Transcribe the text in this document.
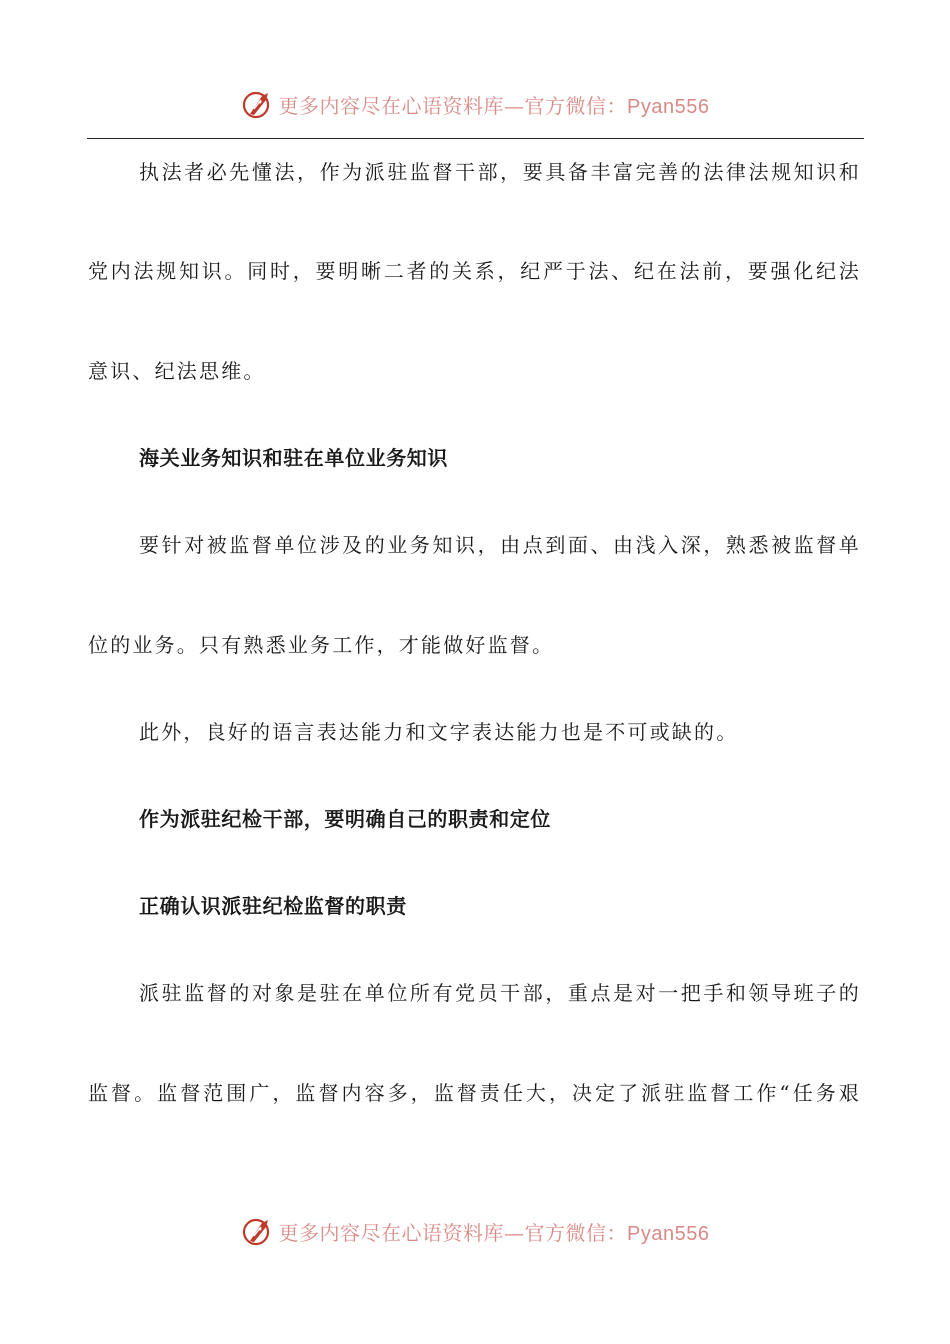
更多内容尽在心语资料库—官方微信：Pyan556
执法者必先懂法，作为派驻监督干部，要具备丰富完善的法律法规知识和
党内法规知识。同时，要明晰二者的关系，纪严于法、纪在法前，要强化纪法
意识、纪法思维。
海关业务知识和驻在单位业务知识
要针对被监督单位涉及的业务知识，由点到面、由浅入深，熟悉被监督单
位的业务。只有熟悉业务工作，才能做好监督。
此外，良好的语言表达能力和文字表达能力也是不可或缺的。
作为派驻纪检干部，要明确自己的职责和定位
正确认识派驻纪检监督的职责
派驻监督的对象是驻在单位所有党员干部，重点是对一把手和领导班子的
监督。监督范围广，监督内容多，监督责任大，决定了派驻监督工作“任务艰
更多内容尽在心语资料库—官方微信：Pyan556
